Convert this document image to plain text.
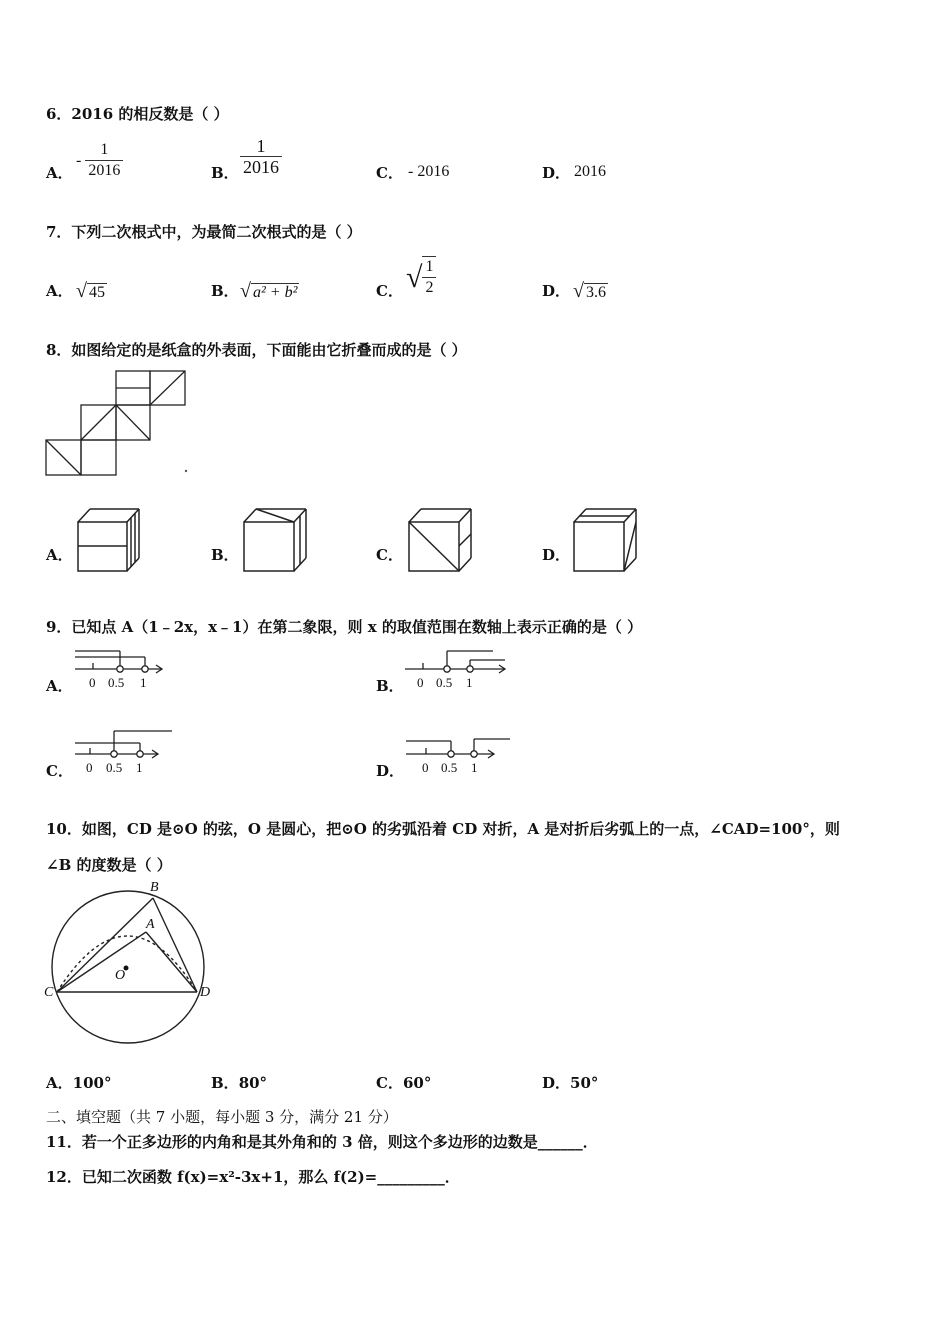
6．2016 的相反数是（ ）
A．
- $\frac{1}{2016}$	B． $\frac{1}{2016}$	C． - 2016	D． 2016
7．下列二次根式中，为最简二次根式的是（ ）
A． √ 45	B． √ a² + b²	C． √ $\frac{1}{2}$	D． √ 3.6
8．如图给定的是纸盒的外表面，下面能由它折叠而成的是（ ）
A．	B．	C．	D．
9．已知点 A（1﹣2x，x﹣1）在第二象限，则 x 的取值范围在数轴上表示正确的是（ ）
A． 0 0.5 1	B． 0 0.5 1
C． 0 0.5 1	D． 0 0.5 1
10．如图，CD 是⊙O 的弦，O 是圆心，把⊙O 的劣弧沿着 CD 对折，A 是对折后劣弧上的一点，∠CAD=100°，则
∠B 的度数是（ ）
B
A
O
C	D
A．100°	B．80°	C．60°	D．50°
二、填空题（共 7 小题，每小题 3 分，满分 21 分）
11．若一个正多边形的内角和是其外角和的 3 倍，则这个多边形的边数是______．
12．已知二次函数 f(x)=x²-3x+1，那么 f(2)=_________．
